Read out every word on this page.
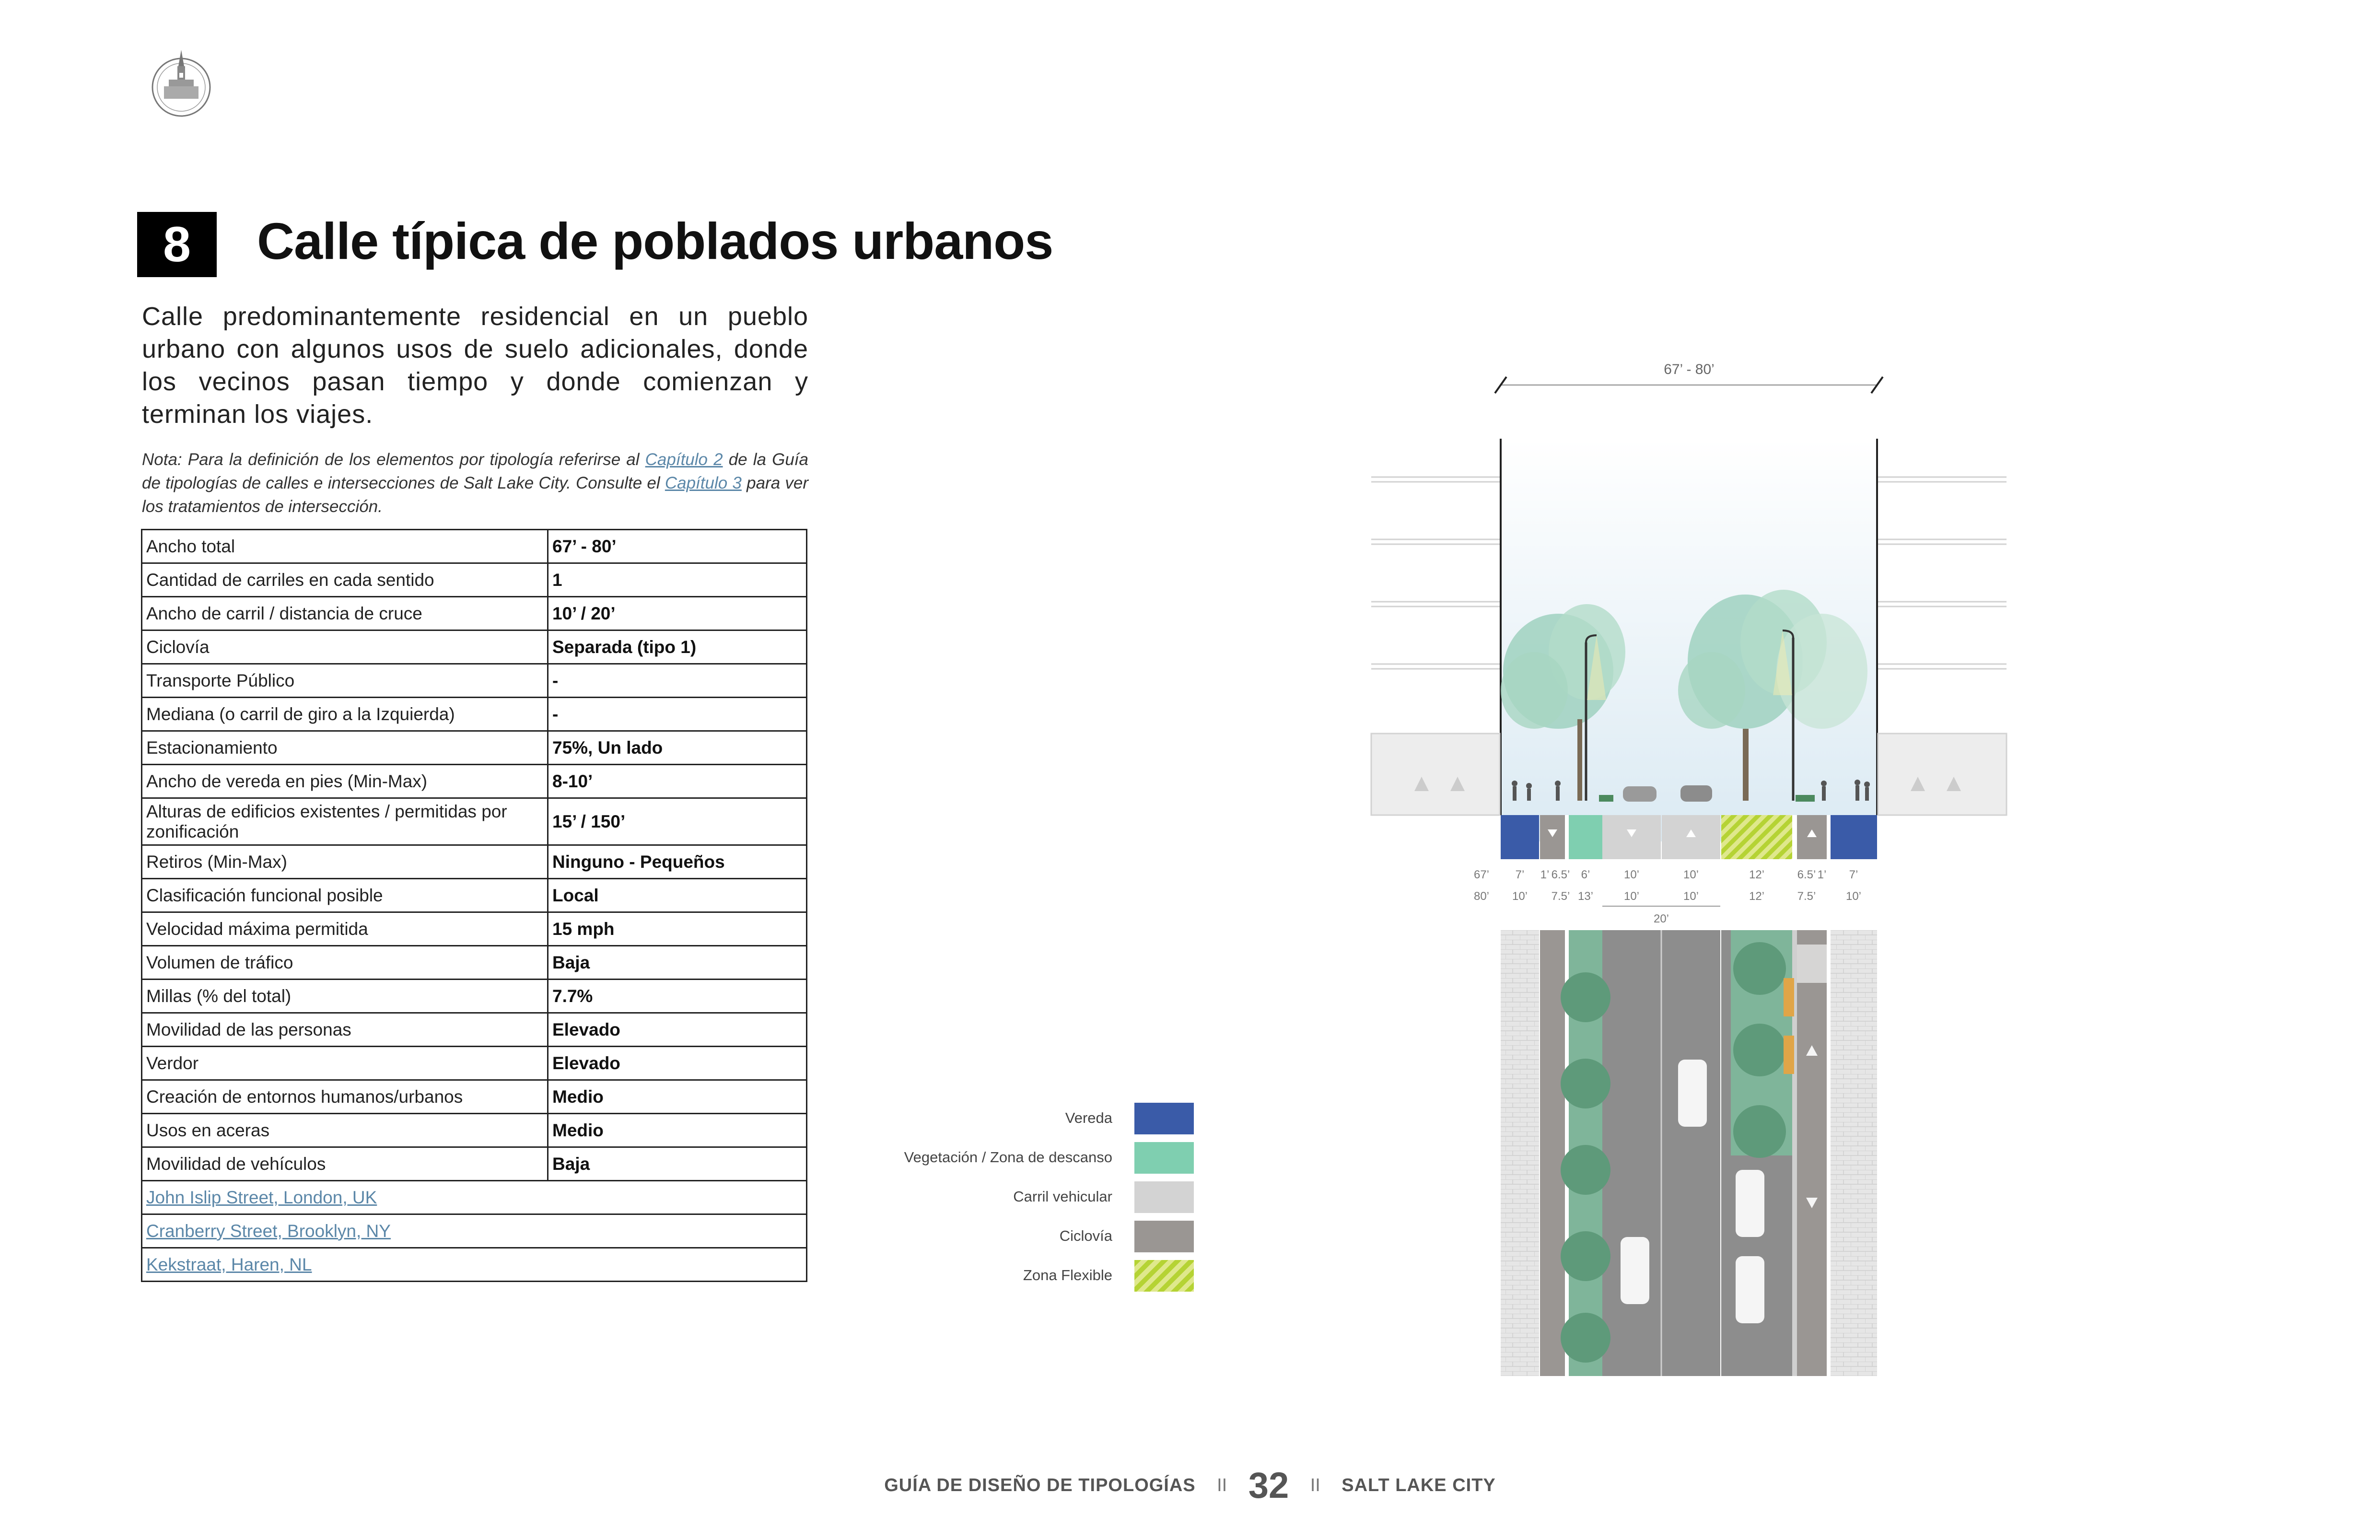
8	Calle típica de poblados urbanos
Calle predominantemente residencial en un pueblo urbano con algunos usos de suelo adicionales, donde los vecinos pasan tiempo y donde comienzan y terminan los viajes.
Nota: Para la definición de los elementos por tipología referirse al Capítulo 2 de la Guía de tipologías de calles e intersecciones de Salt Lake City. Consulte el Capítulo 3 para ver los tratamientos de intersección.
Ancho total	67’ - 80’
Cantidad de carriles en cada sentido	1
Ancho de carril / distancia de cruce	10’ / 20’
Ciclovía	Separada (tipo 1)
Transporte Público	-
Mediana (o carril de giro a la Izquierda)	-
Estacionamiento	75%, Un lado
Ancho de vereda en pies (Min-Max)	8-10’
Alturas de edificios existentes / permitidas por zonificación	15’ / 150’
Retiros (Min-Max)	Ninguno - Pequeños
Clasificación funcional posible	Local
Velocidad máxima permitida	15 mph
Volumen de tráfico	Baja
Millas (% del total)	7.7%
Movilidad de las personas	Elevado
Verdor	Elevado
Creación de entornos humanos/urbanos	Medio
Usos en aceras	Medio
Movilidad de vehículos	Baja
John Islip Street, London, UK	
Cranberry Street, Brooklyn, NY	
Kekstraat, Haren, NL	
Vereda
Vegetación / Zona de descanso
Carril vehicular
Ciclovía
Zona Flexible
67’ - 80’
67’ 7’ 1’ 6.5’ 6’	10’	10’	12’	6.5’ 1’ 7’
80’ 10’ 7.5’ 13’	10’	10’	12’	7.5’	10’
20’
GUÍA DE DISEÑO DE TIPOLOGÍAS II 32 II SALT LAKE CITY
